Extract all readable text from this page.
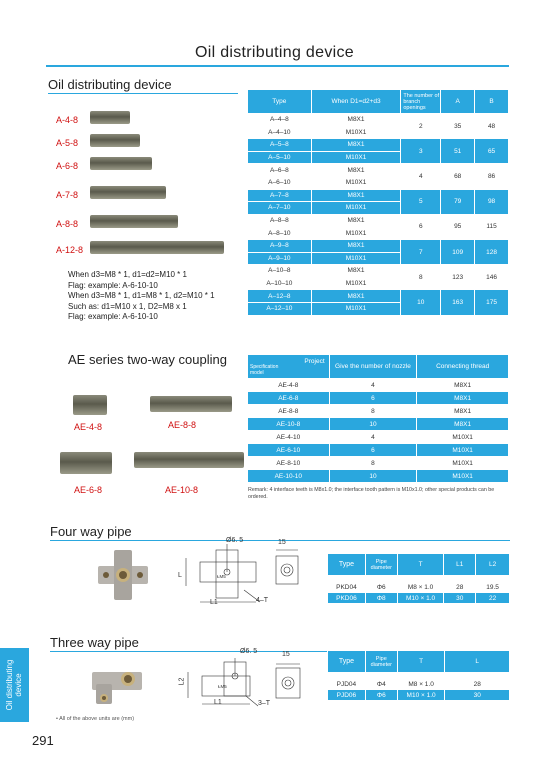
Oil distributing device
Oil distributing device
A-4-8
A-5-8
A-6-8
A-7-8
A-8-8
A-12-8
When d3=M8 * 1, d1=d2=M10 * 1
Flag: example: A-6-10-10
When d3=M8 * 1, d1=M8 * 1, d2=M10 * 1
Such as: d1=M10 x 1, D2=M8 x 1
Flag: example: A-6-10-10
Type	When D1=d2+d3	The number of branch openings	A	B
A–4–8	M8X1	2	35	48
A–4–10	M10X1			
A–5–8	M8X1	3	51	65
A–5–10	M10X1			
A–6–8	M8X1	4	68	86
A–6–10	M10X1			
A–7–8	M8X1	5	79	98
A–7–10	M10X1			
A–8–8	M8X1	6	95	115
A–8–10	M10X1			
A–9–8	M8X1	7	109	128
A–9–10	M10X1			
A–10–8	M8X1	8	123	146
A–10–10	M10X1			
A–12–8	M8X1	10	163	175
A–12–10	M10X1			
AE series two-way coupling
AE-4-8	AE-8-8
AE-6-8	AE-10-8
Project
Specification model	Give the number of nozzle	Connecting thread
AE-4-8	4	M8X1
AE-6-8	6	M8X1
AE-8-8	8	M8X1
AE-10-8	10	M8X1
AE-4-10	4	M10X1
AE-6-10	6	M10X1
AE-8-10	8	M10X1
AE-10-10	10	M10X1
Remark: 4 interface teeth is M8x1.0; the interface tooth pattern is M10x1.0; other special products can be ordered.
Four way pipe
Ø6. 5	15
L
L1	4–T
ŁM5
Type	Pipe diameter	T	L1	L2

PKD04	Φ6	M8 × 1.0	28	19.5
PKD06	Φ8	M10 × 1.0	30	22
Three way pipe
Ø6. 5	15
L2
L1	3–T
ŁM5
Type	Pipe diameter	T	L

PJD04	Φ4	M8 × 1.0	28
PJD06	Φ6	M10 × 1.0	30
Oil distributing device
• All of the above units are (mm)
291
